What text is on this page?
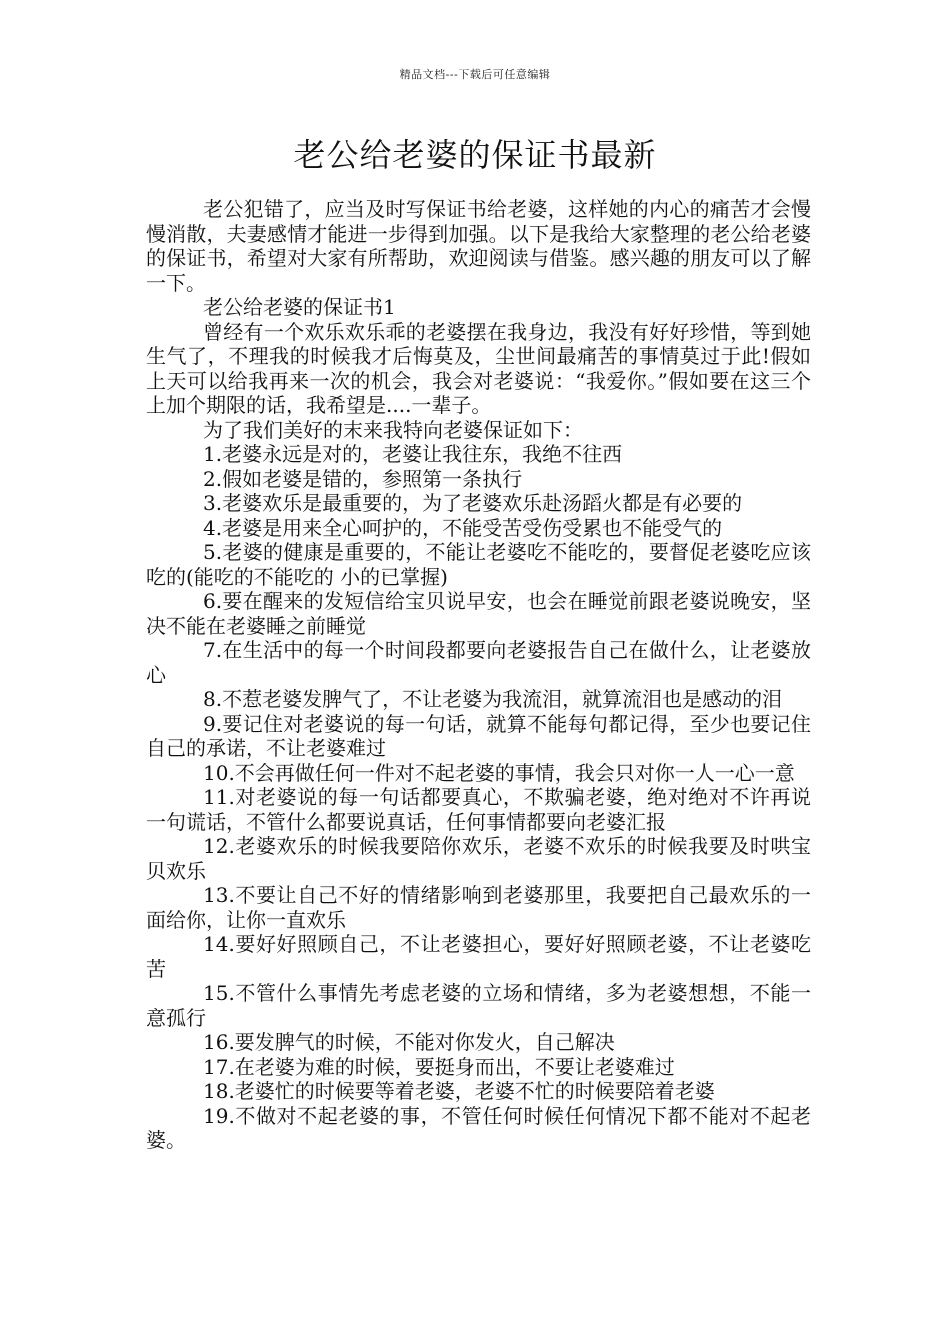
精品文档---下载后可任意编辑
老公给老婆的保证书最新

老公犯错了，应当及时写保证书给老婆，这样她的内心的痛苦才会慢慢消散，夫妻感情才能进一步得到加强。以下是我给大家整理的老公给老婆的保证书，希望对大家有所帮助，欢迎阅读与借鉴。感兴趣的朋友可以了解一下。

老公给老婆的保证书1

曾经有一个欢乐欢乐乖的老婆摆在我身边，我没有好好珍惜，等到她生气了，不理我的时候我才后悔莫及，尘世间最痛苦的事情莫过于此!假如上天可以给我再来一次的机会，我会对老婆说：“我爱你。”假如要在这三个上加个期限的话，我希望是....一辈子。

为了我们美好的末来我特向老婆保证如下：

1.老婆永远是对的，老婆让我往东，我绝不往西

2.假如老婆是错的，参照第一条执行

3.老婆欢乐是最重要的，为了老婆欢乐赴汤蹈火都是有必要的

4.老婆是用来全心呵护的，不能受苦受伤受累也不能受气的

5.老婆的健康是重要的，不能让老婆吃不能吃的，要督促老婆吃应该吃的(能吃的不能吃的 小的已掌握)

6.要在醒来的发短信给宝贝说早安，也会在睡觉前跟老婆说晚安，坚决不能在老婆睡之前睡觉

7.在生活中的每一个时间段都要向老婆报告自己在做什么，让老婆放心

8.不惹老婆发脾气了，不让老婆为我流泪，就算流泪也是感动的泪

9.要记住对老婆说的每一句话，就算不能每句都记得，至少也要记住自己的承诺，不让老婆难过

10.不会再做任何一件对不起老婆的事情，我会只对你一人一心一意

11.对老婆说的每一句话都要真心，不欺骗老婆，绝对绝对不许再说一句谎话，不管什么都要说真话，任何事情都要向老婆汇报

12.老婆欢乐的时候我要陪你欢乐，老婆不欢乐的时候我要及时哄宝贝欢乐

13.不要让自己不好的情绪影响到老婆那里，我要把自己最欢乐的一面给你，让你一直欢乐

14.要好好照顾自己，不让老婆担心，要好好照顾老婆，不让老婆吃苦

15.不管什么事情先考虑老婆的立场和情绪，多为老婆想想，不能一意孤行

16.要发脾气的时候，不能对你发火，自己解决

17.在老婆为难的时候，要挺身而出，不要让老婆难过

18.老婆忙的时候要等着老婆，老婆不忙的时候要陪着老婆

19.不做对不起老婆的事，不管任何时候任何情况下都不能对不起老婆。
